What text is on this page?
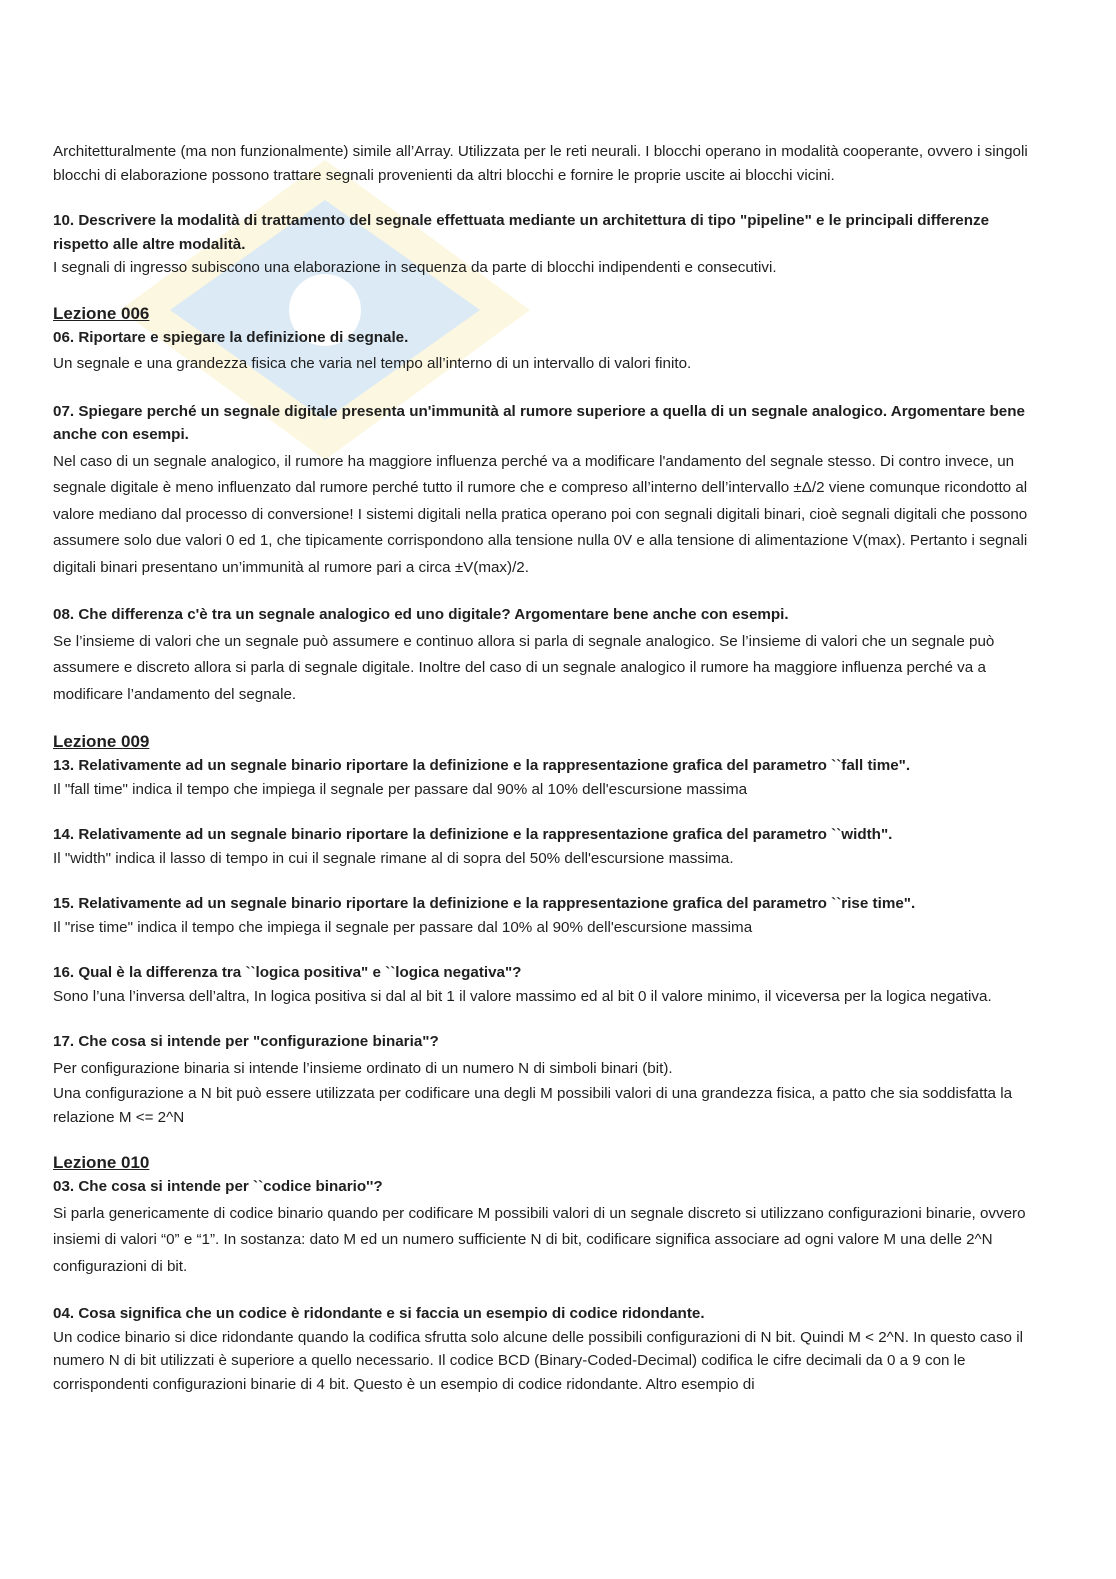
Architetturalmente (ma non funzionalmente) simile all’Array. Utilizzata per le reti neurali. I blocchi operano in modalità cooperante, ovvero i singoli blocchi di elaborazione possono trattare segnali provenienti da altri blocchi e fornire le proprie uscite ai blocchi vicini.

10. Descrivere la modalità di trattamento del segnale effettuata mediante un architettura di tipo "pipeline" e le principali differenze rispetto alle altre modalità.

I segnali di ingresso subiscono una elaborazione in sequenza da parte di blocchi indipendenti e consecutivi.

Lezione 006

06. Riportare e spiegare la definizione di segnale.

Un segnale e una grandezza fisica che varia nel tempo all’interno di un intervallo di valori finito.

07. Spiegare perché un segnale digitale presenta un'immunità al rumore superiore a quella di un segnale analogico. Argomentare bene anche con esempi.

Nel caso di un segnale analogico, il rumore ha maggiore influenza perché va a modificare l'andamento del segnale stesso. Di contro invece, un segnale digitale è meno influenzato dal rumore perché tutto il rumore che e compreso all’interno dell’intervallo ±Δ/2 viene comunque ricondotto al valore mediano dal processo di conversione! I sistemi digitali nella pratica operano poi con segnali digitali binari, cioè segnali digitali che possono assumere solo due valori 0 ed 1, che tipicamente corrispondono alla tensione nulla 0V e alla tensione di alimentazione V(max). Pertanto i segnali digitali binari presentano un’immunità al rumore pari a circa ±V(max)/2.

08. Che differenza c'è tra un segnale analogico ed uno digitale? Argomentare bene anche con esempi.

Se l’insieme di valori che un segnale può assumere e continuo allora si parla di segnale analogico. Se l’insieme di valori che un segnale può assumere e discreto allora si parla di segnale digitale. Inoltre del caso di un segnale analogico il rumore ha maggiore influenza perché va a modificare l’andamento del segnale.

Lezione 009

13. Relativamente ad un segnale binario riportare la definizione e la rappresentazione grafica del parametro ``fall time".

Il "fall time" indica il tempo che impiega il segnale per passare dal 90% al 10% dell'escursione massima

14. Relativamente ad un segnale binario riportare la definizione e la rappresentazione grafica del parametro ``width".

Il "width" indica il lasso di tempo in cui il segnale rimane al di sopra del 50% dell'escursione massima.

15. Relativamente ad un segnale binario riportare la definizione e la rappresentazione grafica del parametro ``rise time".

Il "rise time" indica il tempo che impiega il segnale per passare dal 10% al 90% dell'escursione massima

16. Qual è la differenza tra ``logica positiva" e ``logica negativa"?

Sono l’una l’inversa dell’altra, In logica positiva si dal al bit 1 il valore massimo ed al bit 0 il valore minimo, il viceversa per la logica negativa.

17. Che cosa si intende per "configurazione binaria"?

Per configurazione binaria si intende l’insieme ordinato di un numero N di simboli binari (bit).

Una configurazione a N bit può essere utilizzata per codificare una degli M possibili valori di una grandezza fisica, a patto che sia soddisfatta la relazione M <= 2^N

Lezione 010

03. Che cosa si intende per ``codice binario''?

Si parla genericamente di codice binario quando per codificare M possibili valori di un segnale discreto si utilizzano configurazioni binarie, ovvero insiemi di valori “0” e “1”. In sostanza: dato M ed un numero sufficiente N di bit, codificare significa associare ad ogni valore M una delle 2^N configurazioni di bit.

04. Cosa significa che un codice è ridondante e si faccia un esempio di codice ridondante.

Un codice binario si dice ridondante quando la codifica sfrutta solo alcune delle possibili configurazioni di N bit. Quindi M < 2^N. In questo caso il numero N di bit utilizzati è superiore a quello necessario. Il codice BCD (Binary-Coded-Decimal) codifica le cifre decimali da 0 a 9 con le corrispondenti configurazioni binarie di 4 bit. Questo è un esempio di codice ridondante. Altro esempio di
